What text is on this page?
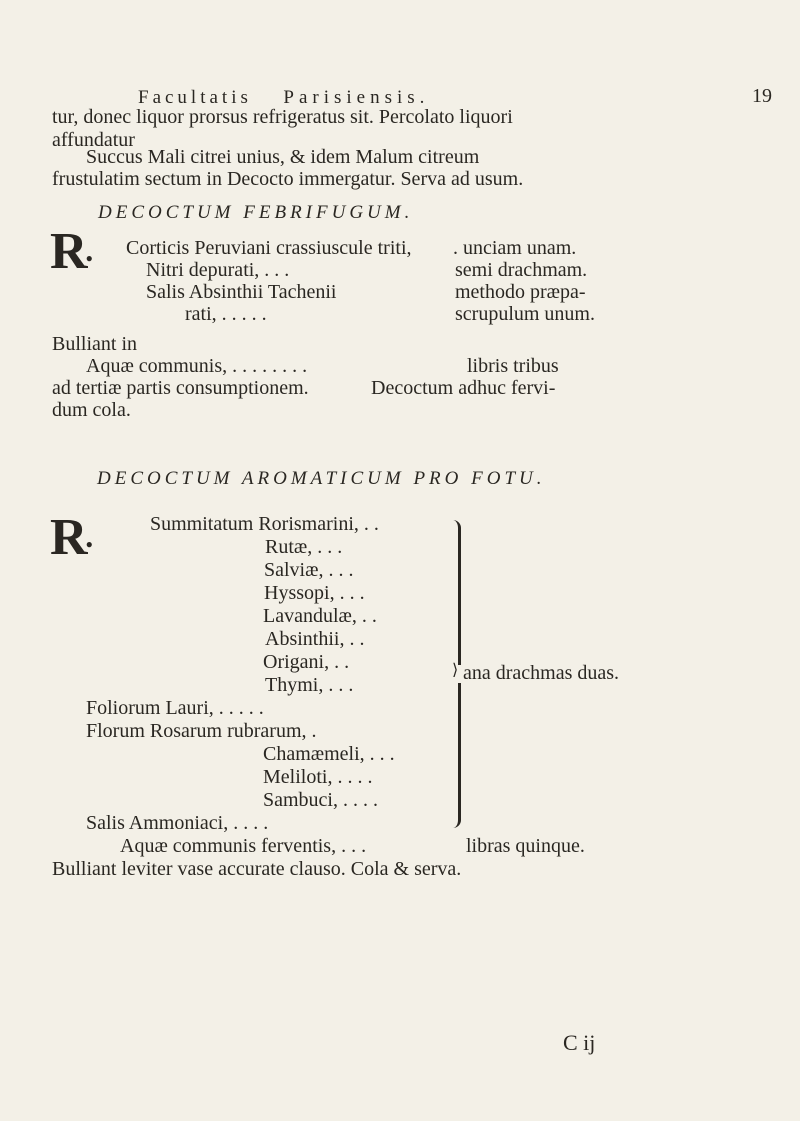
Facultatis Parisiensis.	19
tur, donec liquor prorsus refrigeratus sit. Percolato liquori
affundatur
Succus Mali citrei unius, & idem Malum citreum
frustulatim sectum in Decocto immergatur. Serva ad usum.
DECOCTUM FEBRIFUGUM.
R● Corticis Peruviani crassiuscule triti, . unciam unam.
Nitri depurati, . . .	semi drachmam.
Salis Absinthii Tachenii	methodo præpa-
rati, . . . . .	scrupulum unum.
Bulliant in
Aquæ communis, . . . . . . . .	libris tribus
ad tertiæ partis consumptionem.	Decoctum adhuc fervi-
dum cola.
DECOCTUM AROMATICUM PRO FOTU.
R●
Summitatum Rorismarini, . .
Rutæ, . . .
Salviæ, . . .
Hyssopi, . . .
Lavandulæ, . .
Absinthii, . .
Origani, . .
Thymi, . . .
Foliorum Lauri, . . . . .
Florum Rosarum rubrarum, .
Chamæmeli, . . .
Meliloti, . . . .
Sambuci, . . . .
Salis Ammoniaci, . . . .
⟩ ana drachmas duas.
Aquæ communis ferventis, . . .	libras quinque.
Bulliant leviter vase accurate clauso. Cola & serva.
C ij
